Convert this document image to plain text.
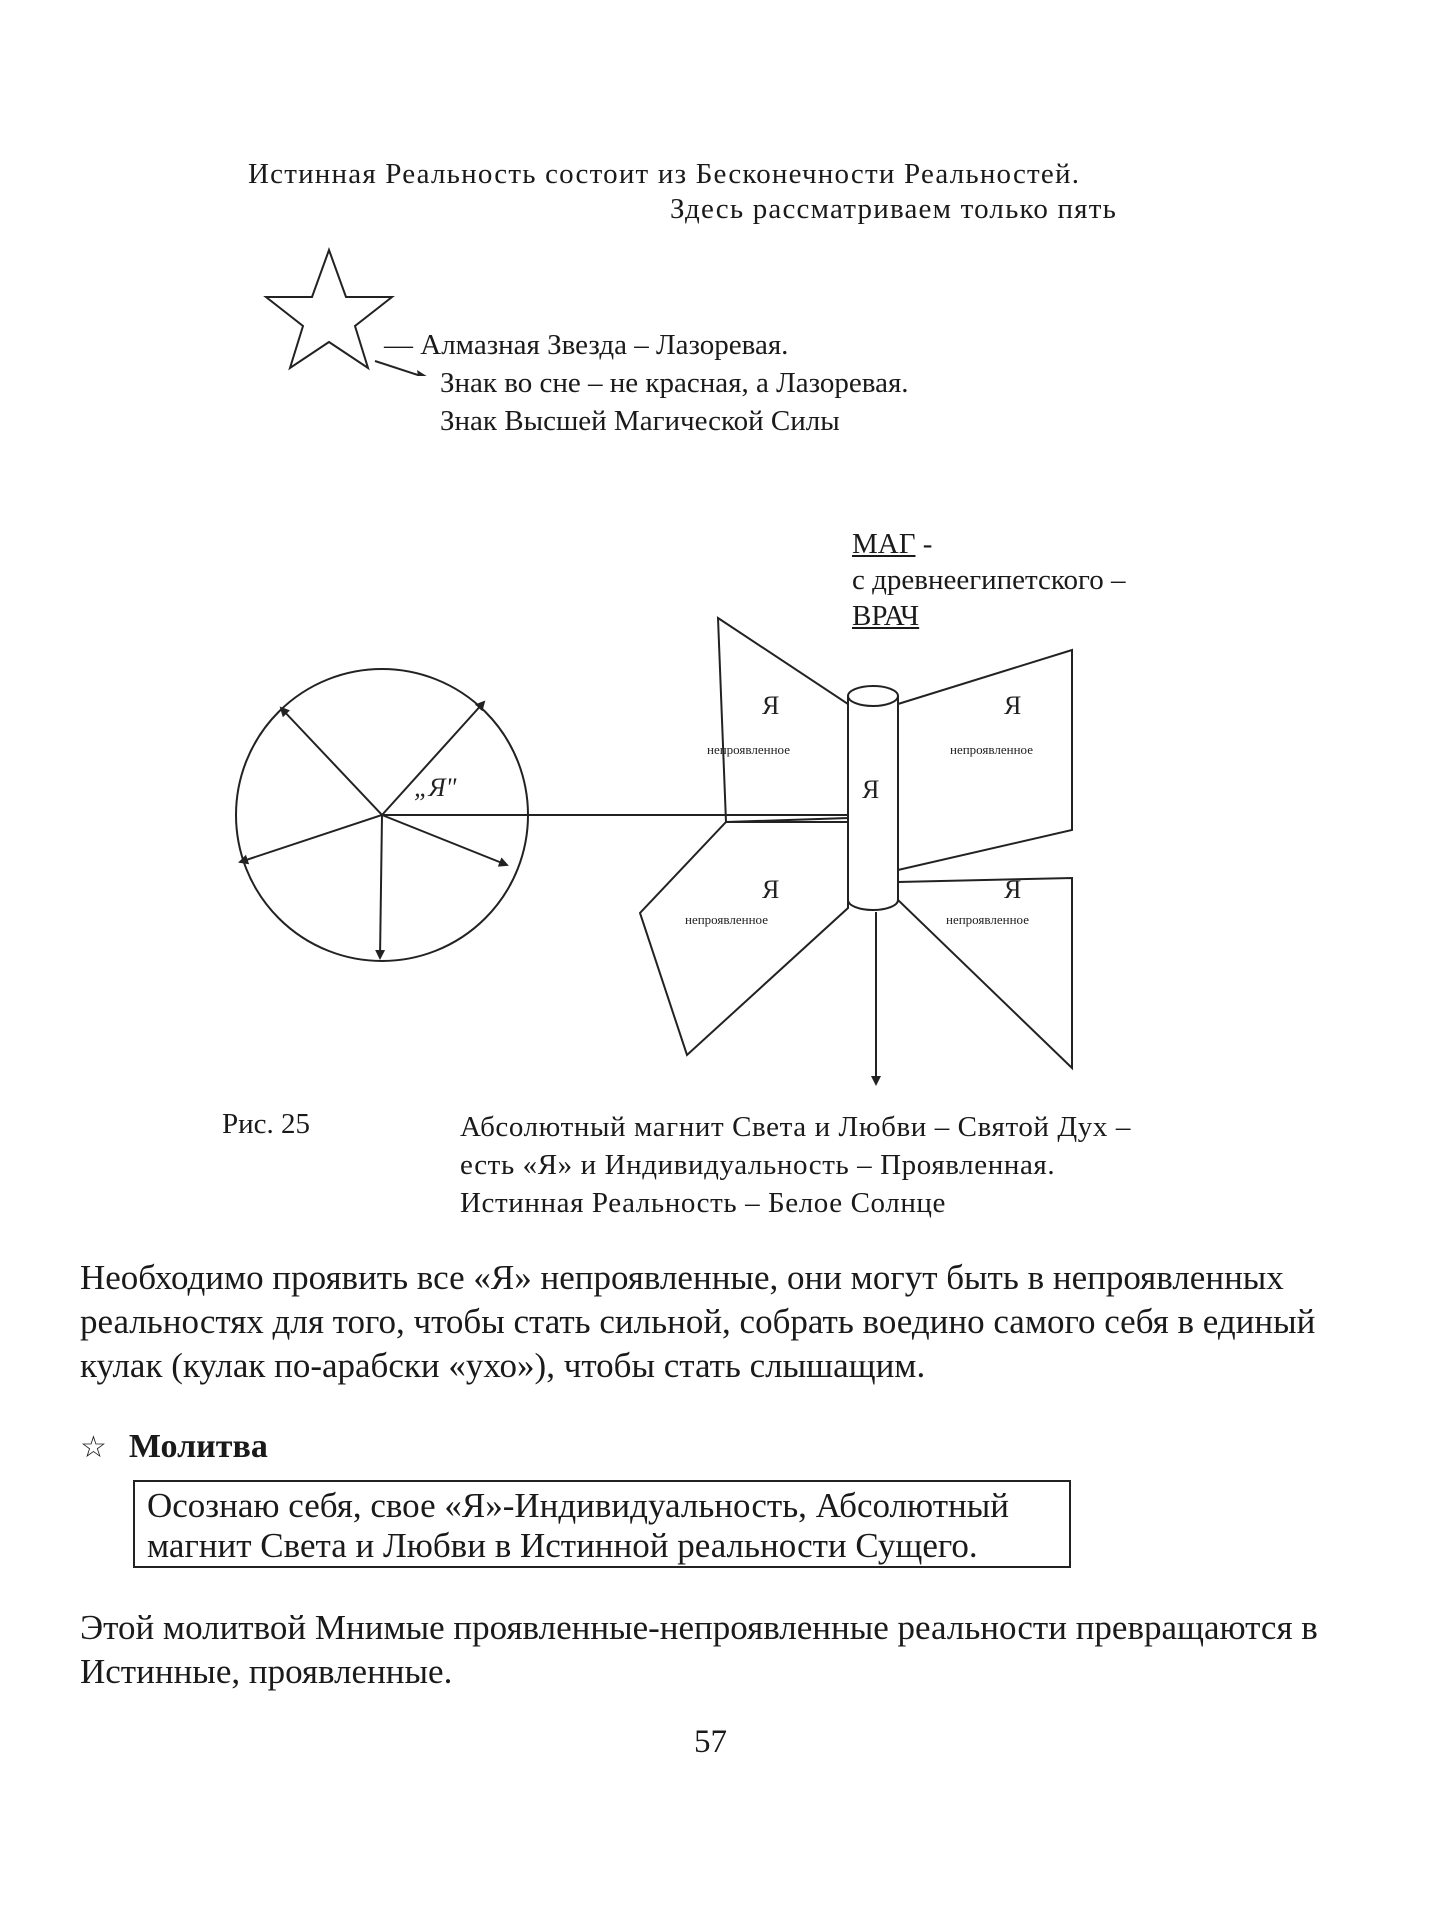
Истинная Реальность состоит из Бесконечности Реальностей.
Здесь рассматриваем только пять
— Алмазная Звезда – Лазоревая.
Знак во сне – не красная, а Лазоревая.
Знак Высшей Магической Силы
МАГ -
с древнеегипетского –
ВРАЧ
„Я"	Я
Я
непроявленное
Я
непроявленное
Я
непроявленное
Я
непроявленное
Рис. 25	Абсолютный магнит Света и Любви – Святой Дух –
есть «Я» и Индивидуальность – Проявленная.
Истинная Реальность – Белое Солнце
Необходимо проявить все «Я» непроявленные, они могут быть в непроявленных реальностях для того, чтобы стать сильной, собрать воедино самого себя в единый кулак (кулак по-арабски «ухо»), чтобы стать слышащим.
☆ Молитва
Осознаю себя, свое «Я»-Индивидуальность, Абсолютный магнит Света и Любви в Истинной реальности Сущего.
Этой молитвой Мнимые проявленные-непроявленные реальности превращаются в Истинные, проявленные.
57
